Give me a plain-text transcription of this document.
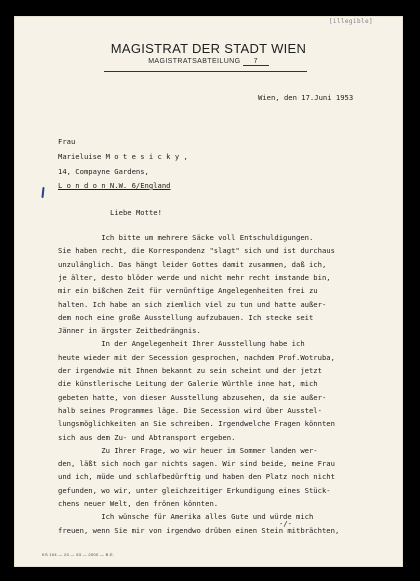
[illegible]
MAGISTRAT DER STADT WIEN
MAGISTRATSABTEILUNG 7
Wien, den 17.Juni 1953
Frau
Marieluise M o t e s i c k y ,
14, Compayne Gardens,
L o n d o n N.W. 6/England
Liebe Motte!
Ich bitte um mehrere Säcke voll Entschuldigungen.
Sie haben recht, die Korrespondenz "slagt" sich und ist durchaus
unzulänglich. Das hängt leider Gottes damit zusammen, daß ich,
je älter, desto blöder werde und nicht mehr recht imstande bin,
mir ein bißchen Zeit für vernünftige Angelegenheiten frei zu
halten. Ich habe an sich ziemlich viel zu tun und hatte außer-
dem noch eine große Ausstellung aufzubauen. Ich stecke seit
Jänner in ärgster Zeitbedrängnis.
In der Angelegenheit Ihrer Ausstellung habe ich
heute wieder mit der Secession gesprochen, nachdem Prof.Wotruba,
der irgendwie mit Ihnen bekannt zu sein scheint und der jetzt
die künstlerische Leitung der Galerie Würthle inne hat, mich
gebeten hatte, von dieser Ausstellung abzusehen, da sie außer-
halb seines Programmes läge. Die Secession wird über Ausstel-
lungsmöglichkeiten an Sie schreiben. Irgendwelche Fragen könnten
sich aus dem Zu- und Abtransport ergeben.
Zu Ihrer Frage, wo wir heuer im Sommer landen wer-
den, läßt sich noch gar nichts sagen. Wir sind beide, meine Frau
und ich, müde und schlafbedürftig und haben den Platz noch nicht
gefunden, wo wir, unter gleichzeitiger Erkundigung eines Stück-
chens neuer Welt, den frönen könnten.
Ich wünsche für Amerika alles Gute und würde mich
freuen, wenn Sie mir von irgendwo drüben einen Stein mitbrächten,
-/-
KS 104 — 20 — 53 — 2000 — B.E.
